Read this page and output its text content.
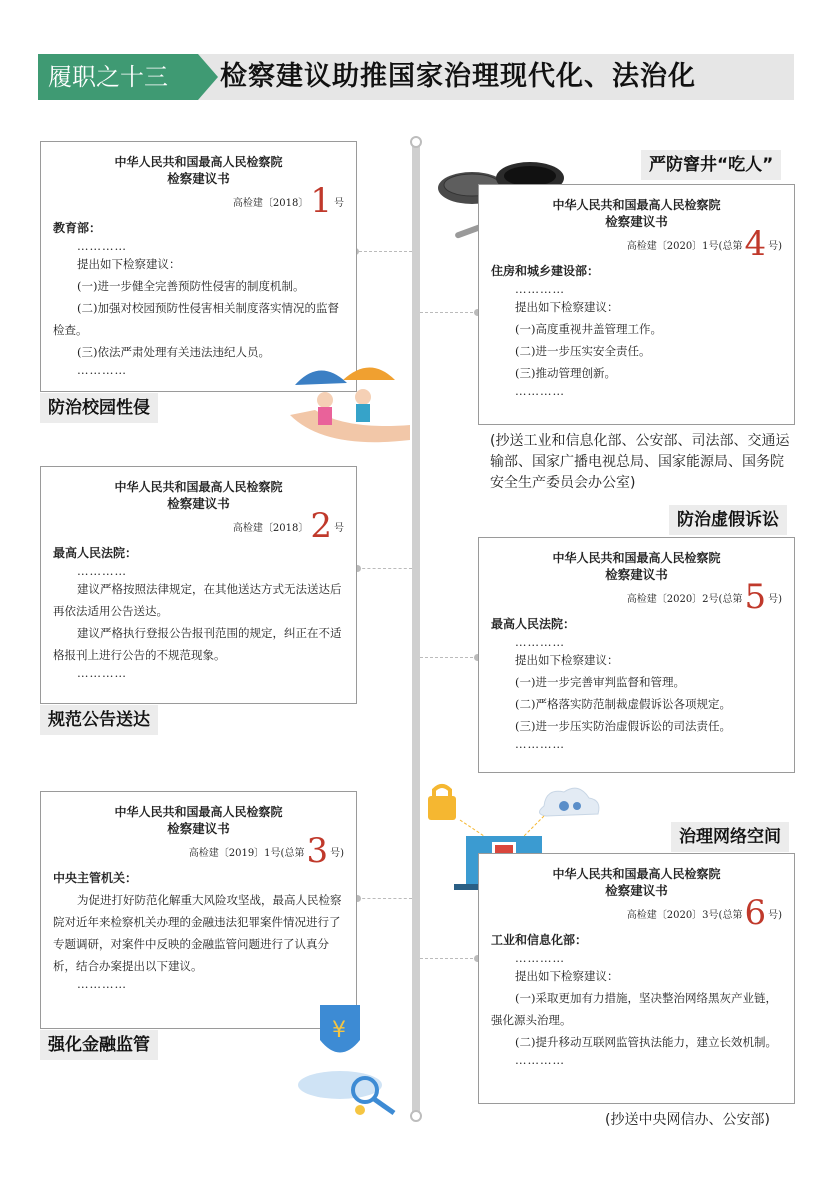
履职之十三	检察建议助推国家治理现代化、法治化
中华人民共和国最高人民检察院
检察建议书
高检建〔2018〕1 号
教育部：
…………
提出如下检察建议：
(一)进一步健全完善预防性侵害的制度机制。
(二)加强对校园预防性侵害相关制度落实情况的监督检查。
(三)依法严肃处理有关违法违纪人员。
…………
防治校园性侵
中华人民共和国最高人民检察院
检察建议书
高检建〔2018〕2 号
最高人民法院：
…………
建议严格按照法律规定，在其他送达方式无法送达后再依法适用公告送达。
建议严格执行登报公告报刊范围的规定，纠正在不适格报刊上进行公告的不规范现象。
…………
规范公告送达
中华人民共和国最高人民检察院
检察建议书
高检建〔2019〕1号(总第3 号)
中央主管机关：
为促进打好防范化解重大风险攻坚战，最高人民检察院对近年来检察机关办理的金融违法犯罪案件情况进行了专题调研，对案件中反映的金融监管问题进行了认真分析，结合办案提出以下建议。
…………
强化金融监管
¥
严防窨井“吃人”
中华人民共和国最高人民检察院
检察建议书
高检建〔2020〕1号(总第4 号)
住房和城乡建设部：
…………
提出如下检察建议：
(一)高度重视井盖管理工作。
(二)进一步压实安全责任。
(三)推动管理创新。
…………
(抄送工业和信息化部、公安部、司法部、交通运输部、国家广播电视总局、国家能源局、国务院安全生产委员会办公室)
防治虚假诉讼
中华人民共和国最高人民检察院
检察建议书
高检建〔2020〕2号(总第5 号)
最高人民法院：
…………
提出如下检察建议：
(一)进一步完善审判监督和管理。
(二)严格落实防范制裁虚假诉讼各项规定。
(三)进一步压实防治虚假诉讼的司法责任。
…………
治理网络空间
中华人民共和国最高人民检察院
检察建议书
高检建〔2020〕3号(总第6 号)
工业和信息化部：
…………
提出如下检察建议：
(一)采取更加有力措施，坚决整治网络黑灰产业链，强化源头治理。
(二)提升移动互联网监管执法能力，建立长效机制。
…………
(抄送中央网信办、公安部)
